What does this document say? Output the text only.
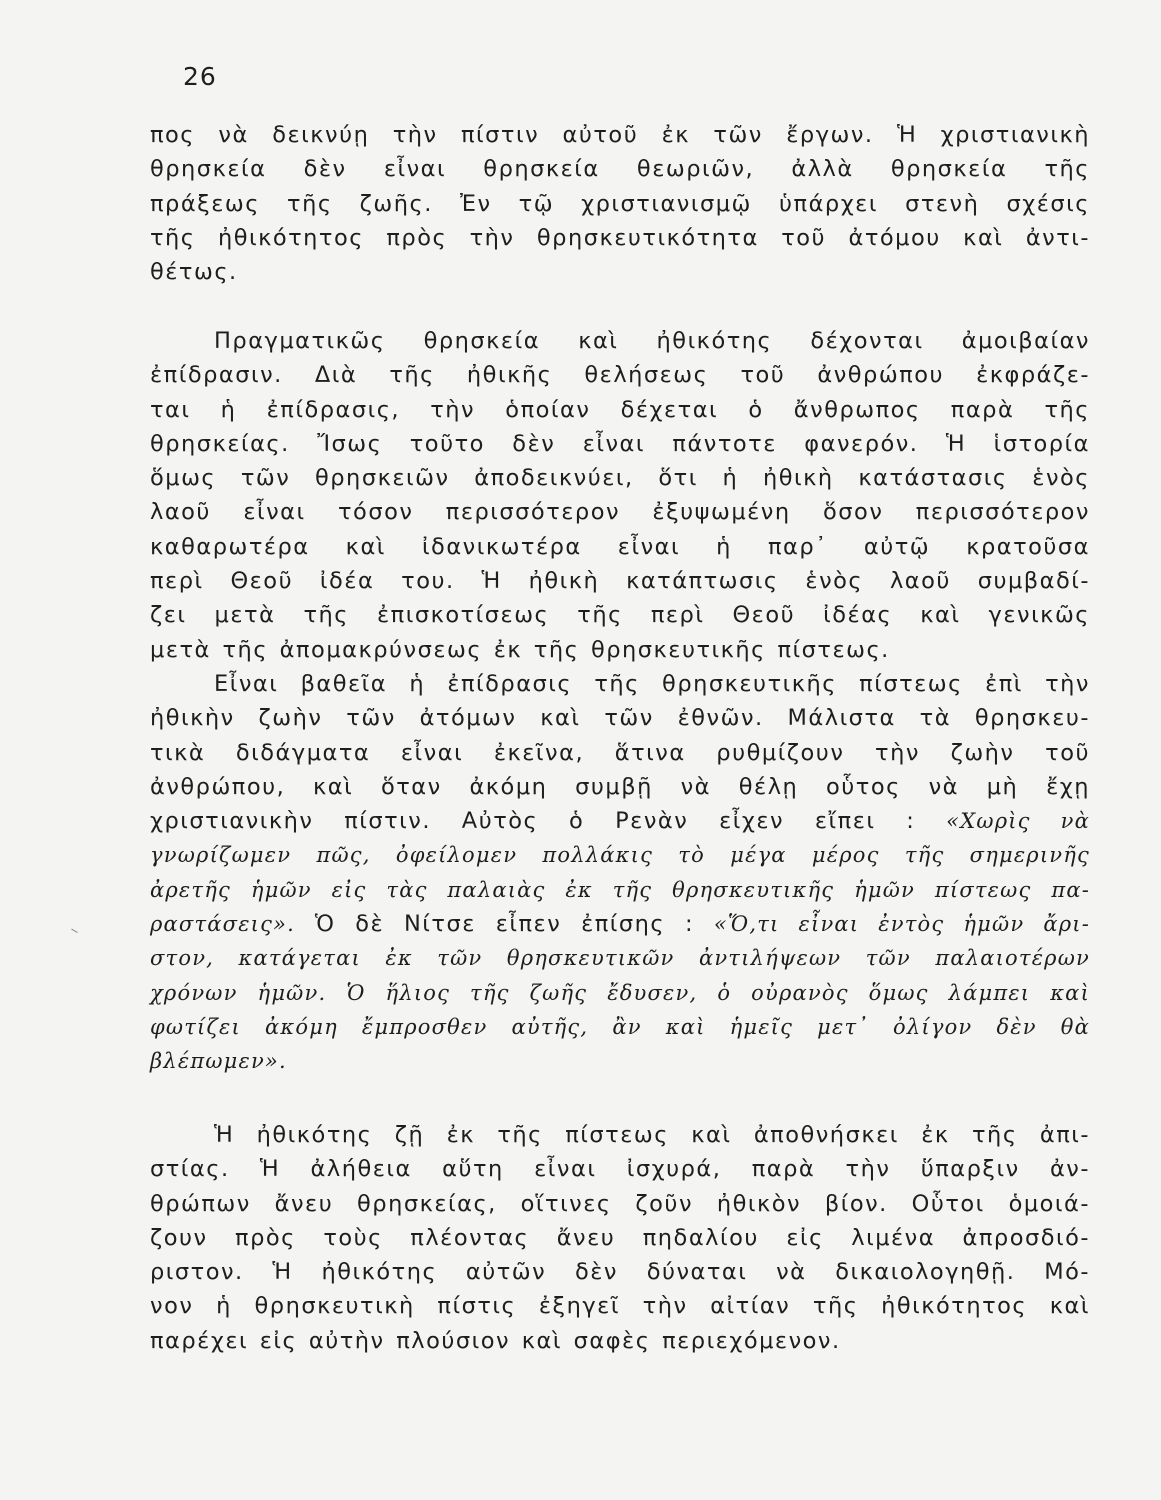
26
πος νὰ δεικνύῃ τὴν πίστιν αὐτοῦ ἐκ τῶν ἔργων. Ἡ χριστιανικὴ
θρησκεία δὲν εἶναι θρησκεία θεωριῶν, ἀλλὰ θρησκεία τῆς
πράξεως τῆς ζωῆς. Ἐν τῷ χριστιανισμῷ ὑπάρχει στενὴ σχέσις
τῆς ἠθικότητος πρὸς τὴν θρησκευτικότητα τοῦ ἀτόμου καὶ ἀντι-
θέτως.
Πραγματικῶς θρησκεία καὶ ἠθικότης δέχονται ἀμοιβαίαν
ἐπίδρασιν. Διὰ τῆς ἠθικῆς θελήσεως τοῦ ἀνθρώπου ἐκφράζε-
ται ἡ ἐπίδρασις, τὴν ὁποίαν δέχεται ὁ ἄνθρωπος παρὰ τῆς
θρησκείας. Ἴσως τοῦτο δὲν εἶναι πάντοτε φανερόν. Ἡ ἱστορία
ὅμως τῶν θρησκειῶν ἀποδεικνύει, ὅτι ἡ ἠθικὴ κατάστασις ἑνὸς
λαοῦ εἶναι τόσον περισσότερον ἐξυψωμένη ὅσον περισσότερον
καθαρωτέρα καὶ ἰδανικωτέρα εἶναι ἡ παρ᾽ αὐτῷ κρατοῦσα
περὶ Θεοῦ ἰδέα του. Ἡ ἠθικὴ κατάπτωσις ἑνὸς λαοῦ συμβαδί-
ζει μετὰ τῆς ἐπισκοτίσεως τῆς περὶ Θεοῦ ἰδέας καὶ γενικῶς
μετὰ τῆς ἀπομακρύνσεως ἐκ τῆς θρησκευτικῆς πίστεως.
Εἶναι βαθεῖα ἡ ἐπίδρασις τῆς θρησκευτικῆς πίστεως ἐπὶ τὴν
ἠθικὴν ζωὴν τῶν ἀτόμων καὶ τῶν ἐθνῶν. Μάλιστα τὰ θρησκευ-
τικὰ διδάγματα εἶναι ἐκεῖνα, ἅτινα ρυθμίζουν τὴν ζωὴν τοῦ
ἀνθρώπου, καὶ ὅταν ἀκόμη συμβῇ νὰ θέλῃ οὗτος νὰ μὴ ἔχῃ
χριστιανικὴν πίστιν. Αὐτὸς ὁ Ρενὰν εἶχεν εἴπει : «Χωρὶς νὰ
γνωρίζωμεν πῶς, ὀφείλομεν πολλάκις τὸ μέγα μέρος τῆς σημερινῆς
ἀρετῆς ἡμῶν εἰς τὰς παλαιὰς ἐκ τῆς θρησκευτικῆς ἡμῶν πίστεως πα-
ραστάσεις». Ὁ δὲ Νίτσε εἶπεν ἐπίσης : «Ὅ,τι εἶναι ἐντὸς ἡμῶν ἄρι-
στον, κατάγεται ἐκ τῶν θρησκευτικῶν ἀντιλήψεων τῶν παλαιοτέρων
χρόνων ἡμῶν. Ὁ ἥλιος τῆς ζωῆς ἔδυσεν, ὁ οὐρανὸς ὅμως λάμπει καὶ
φωτίζει ἀκόμη ἔμπροσθεν αὐτῆς, ἂν καὶ ἡμεῖς μετ᾽ ὀλίγον δὲν θὰ
βλέπωμεν».
Ἡ ἠθικότης ζῇ ἐκ τῆς πίστεως καὶ ἀποθνήσκει ἐκ τῆς ἀπι-
στίας. Ἡ ἀλήθεια αὕτη εἶναι ἰσχυρά, παρὰ τὴν ὕπαρξιν ἀν-
θρώπων ἄνευ θρησκείας, οἵτινες ζοῦν ἠθικὸν βίον. Οὗτοι ὁμοιά-
ζουν πρὸς τοὺς πλέοντας ἄνευ πηδαλίου εἰς λιμένα ἀπροσδιό-
ριστον. Ἡ ἠθικότης αὐτῶν δὲν δύναται νὰ δικαιολογηθῇ. Μό-
νον ἡ θρησκευτικὴ πίστις ἐξηγεῖ τὴν αἰτίαν τῆς ἠθικότητος καὶ
παρέχει εἰς αὐτὴν πλούσιον καὶ σαφὲς περιεχόμενον.
